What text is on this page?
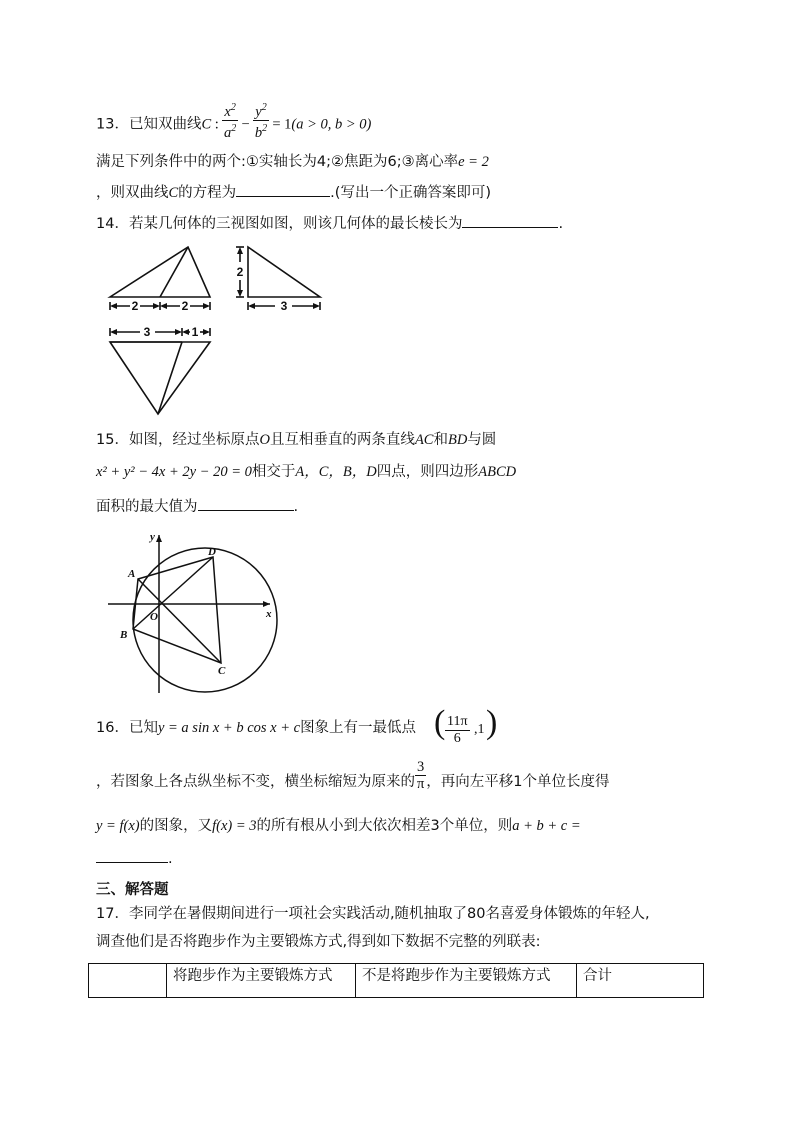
13．已知双曲线C : $\frac{x^2}{a^2} - \frac{y^2}{b^2} = 1(a > 0$, b > 0)
满足下列条件中的两个:①实轴长为4;②焦距为6;③离心率e = 2
，则双曲线C的方程为	.(写出一个正确答案即可)
14．若某几何体的三视图如图，则该几何体的最长棱长为	.
2	2
2
3
3	1
15．如图，经过坐标原点O且互相垂直的两条直线AC和BD与圆
x² + y² − 4x + 2y − 20 = 0相交于A，C，B，D四点，则四边形ABCD
面积的最大值为	.
y
x
A
B
C
D
O
16．已知y = a sin x + b cos x + c图象上有一最低点 ( $\frac{11\pi}{6} ,1$ )
，若图象上各点纵坐标不变，横坐标缩短为原来的 $\frac{3}{\pi}$ ，再向左平移1个单位长度得
y = f(x)的图象，又f(x) = 3的所有根从小到大依次相差3个单位，则a + b + c =
.
三、解答题
17．李同学在暑假期间进行一项社会实践活动,随机抽取了80名喜爱身体锻炼的年轻人,
调查他们是否将跑步作为主要锻炼方式,得到如下数据不完整的列联表:
	将跑步作为主要锻炼方式	不是将跑步作为主要锻炼方式	合计
